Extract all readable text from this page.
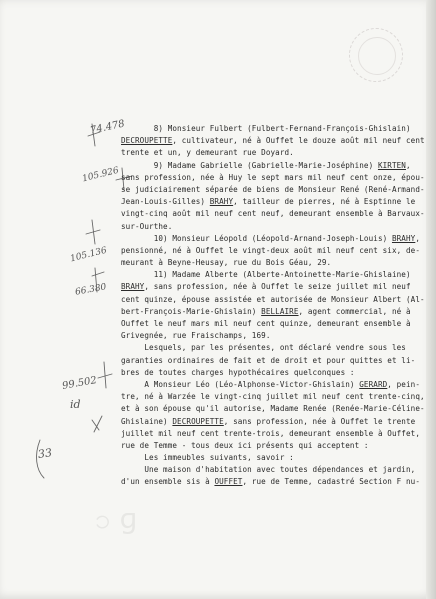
၁ ɡ
74.478
105.926
105.136
66.380
99.502
id
33
8) Monsieur Fulbert (Fulbert-Fernand-François-Ghislain)
DECROUPETTE, cultivateur, né à Ouffet le douze août mil neuf cent
trente et un, y demeurant rue Doyard.
9) Madame Gabrielle (Gabrielle-Marie-Joséphine) KIRTEN,
sans profession, née à Huy le sept mars mil neuf cent onze, épou-
se judiciairement séparée de biens de Monsieur René (René-Armand-
Jean-Louis-Gilles) BRAHY, tailleur de pierres, né à Esptinne le
vingt-cinq août mil neuf cent neuf, demeurant ensemble à Barvaux-
sur-Ourthe.
10) Monsieur Léopold (Léopold-Arnand-Joseph-Louis) BRAHY,
pensionné, né à Ouffet le vingt-deux août mil neuf cent six, de-
meurant à Beyne-Heusay, rue du Bois Géau, 29.
11) Madame Alberte (Alberte-Antoinette-Marie-Ghislaine)
BRAHY, sans profession, née à Ouffet le seize juillet mil neuf
cent quinze, épouse assistée et autorisée de Monsieur Albert (Al-
bert-François-Marie-Ghislain) BELLAIRE, agent commercial, né à
Ouffet le neuf mars mil neuf cent quinze, demeurant ensemble à
Grivegnée, rue Fraischamps, 169.
Lesquels, par les présentes, ont déclaré vendre sous les
garanties ordinaires de fait et de droit et pour quittes et li-
bres de toutes charges hypothécaires quelconques :
A Monsieur Léo (Léo-Alphonse-Victor-Ghislain) GERARD, pein-
tre, né à Warzée le vingt-cinq juillet mil neuf cent trente-cinq,
et à son épouse qu'il autorise, Madame Renée (Renée-Marie-Céline-
Ghislaine) DECROUPETTE, sans profession, née à Ouffet le trente
juillet mil neuf cent trente-trois, demeurant ensemble à Ouffet,
rue de Temme - tous deux ici présents qui acceptent :
Les immeubles suivants, savoir :
Une maison d'habitation avec toutes dépendances et jardin,
d'un ensemble sis à OUFFET, rue de Temme, cadastré Section F nu-
